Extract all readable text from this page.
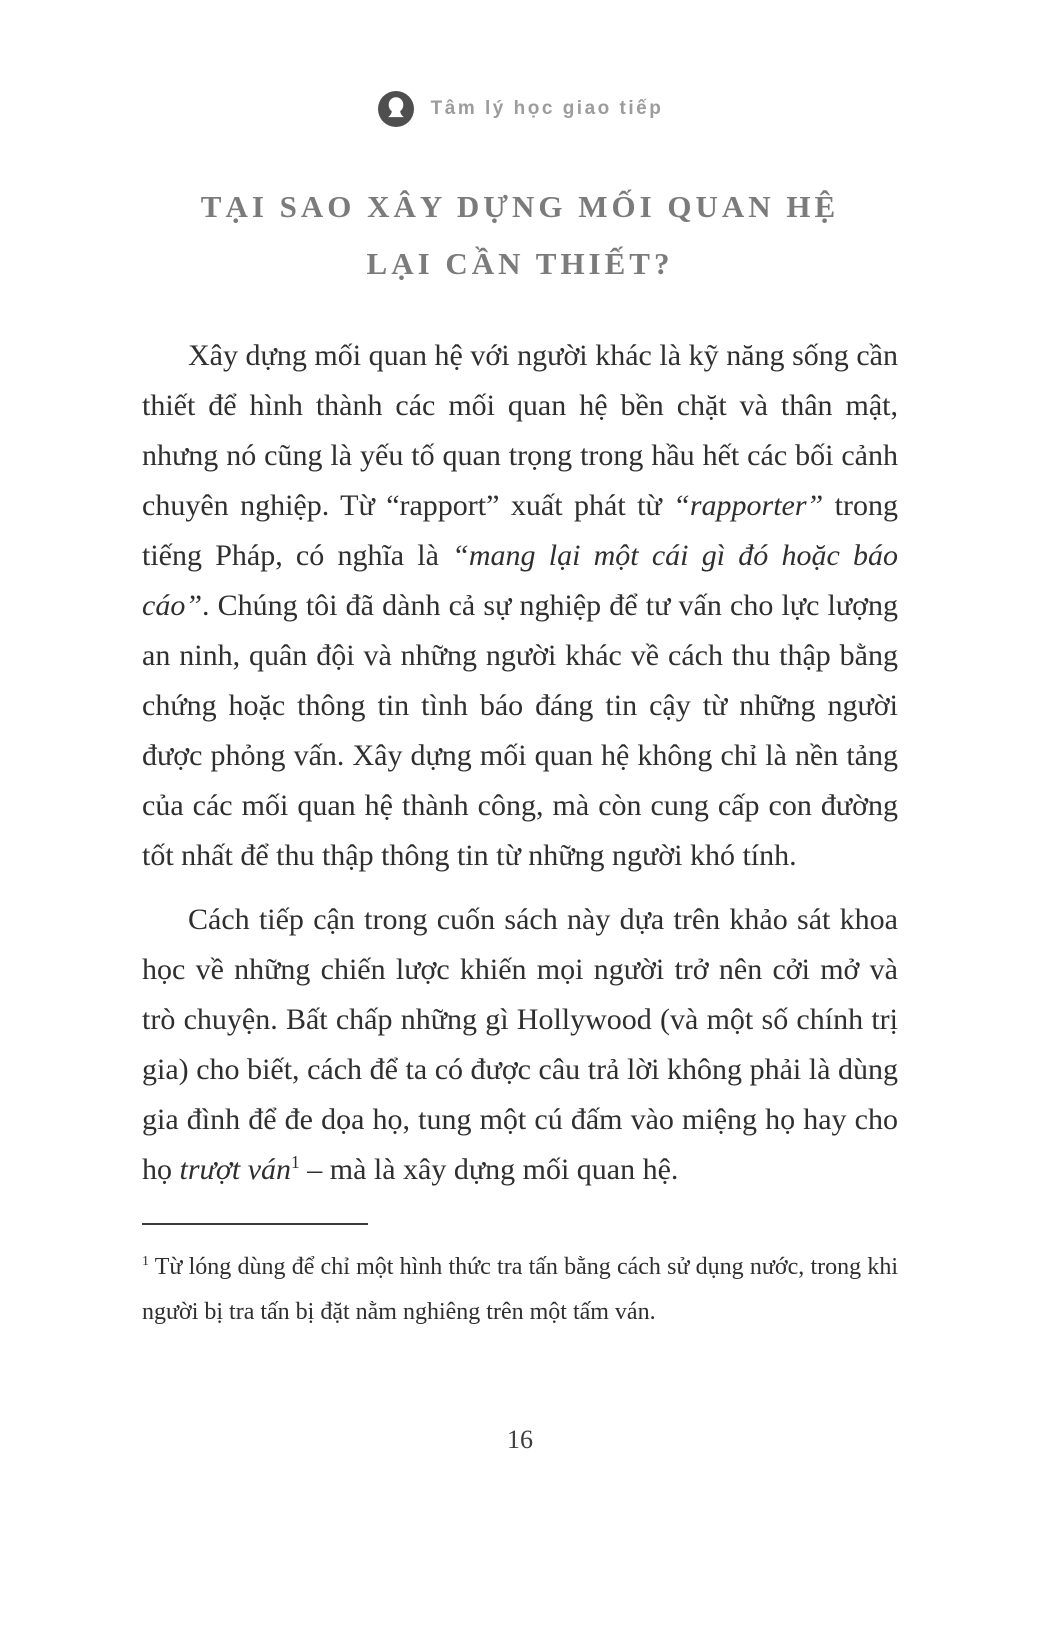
Tâm lý học giao tiếp
TẠI SAO XÂY DỰNG MỐI QUAN HỆ
LẠI CẦN THIẾT?

Xây dựng mối quan hệ với người khác là kỹ năng sống cần thiết để hình thành các mối quan hệ bền chặt và thân mật, nhưng nó cũng là yếu tố quan trọng trong hầu hết các bối cảnh chuyên nghiệp. Từ “rapport” xuất phát từ “rapporter” trong tiếng Pháp, có nghĩa là “mang lại một cái gì đó hoặc báo cáo”. Chúng tôi đã dành cả sự nghiệp để tư vấn cho lực lượng an ninh, quân đội và những người khác về cách thu thập bằng chứng hoặc thông tin tình báo đáng tin cậy từ những người được phỏng vấn. Xây dựng mối quan hệ không chỉ là nền tảng của các mối quan hệ thành công, mà còn cung cấp con đường tốt nhất để thu thập thông tin từ những người khó tính.

Cách tiếp cận trong cuốn sách này dựa trên khảo sát khoa học về những chiến lược khiến mọi người trở nên cởi mở và trò chuyện. Bất chấp những gì Hollywood (và một số chính trị gia) cho biết, cách để ta có được câu trả lời không phải là dùng gia đình để đe dọa họ, tung một cú đấm vào miệng họ hay cho họ trượt ván$^1$ – mà là xây dựng mối quan hệ.

$^1$ Từ lóng dùng để chỉ một hình thức tra tấn bằng cách sử dụng nước, trong khi người bị tra tấn bị đặt nằm nghiêng trên một tấm ván.
16
